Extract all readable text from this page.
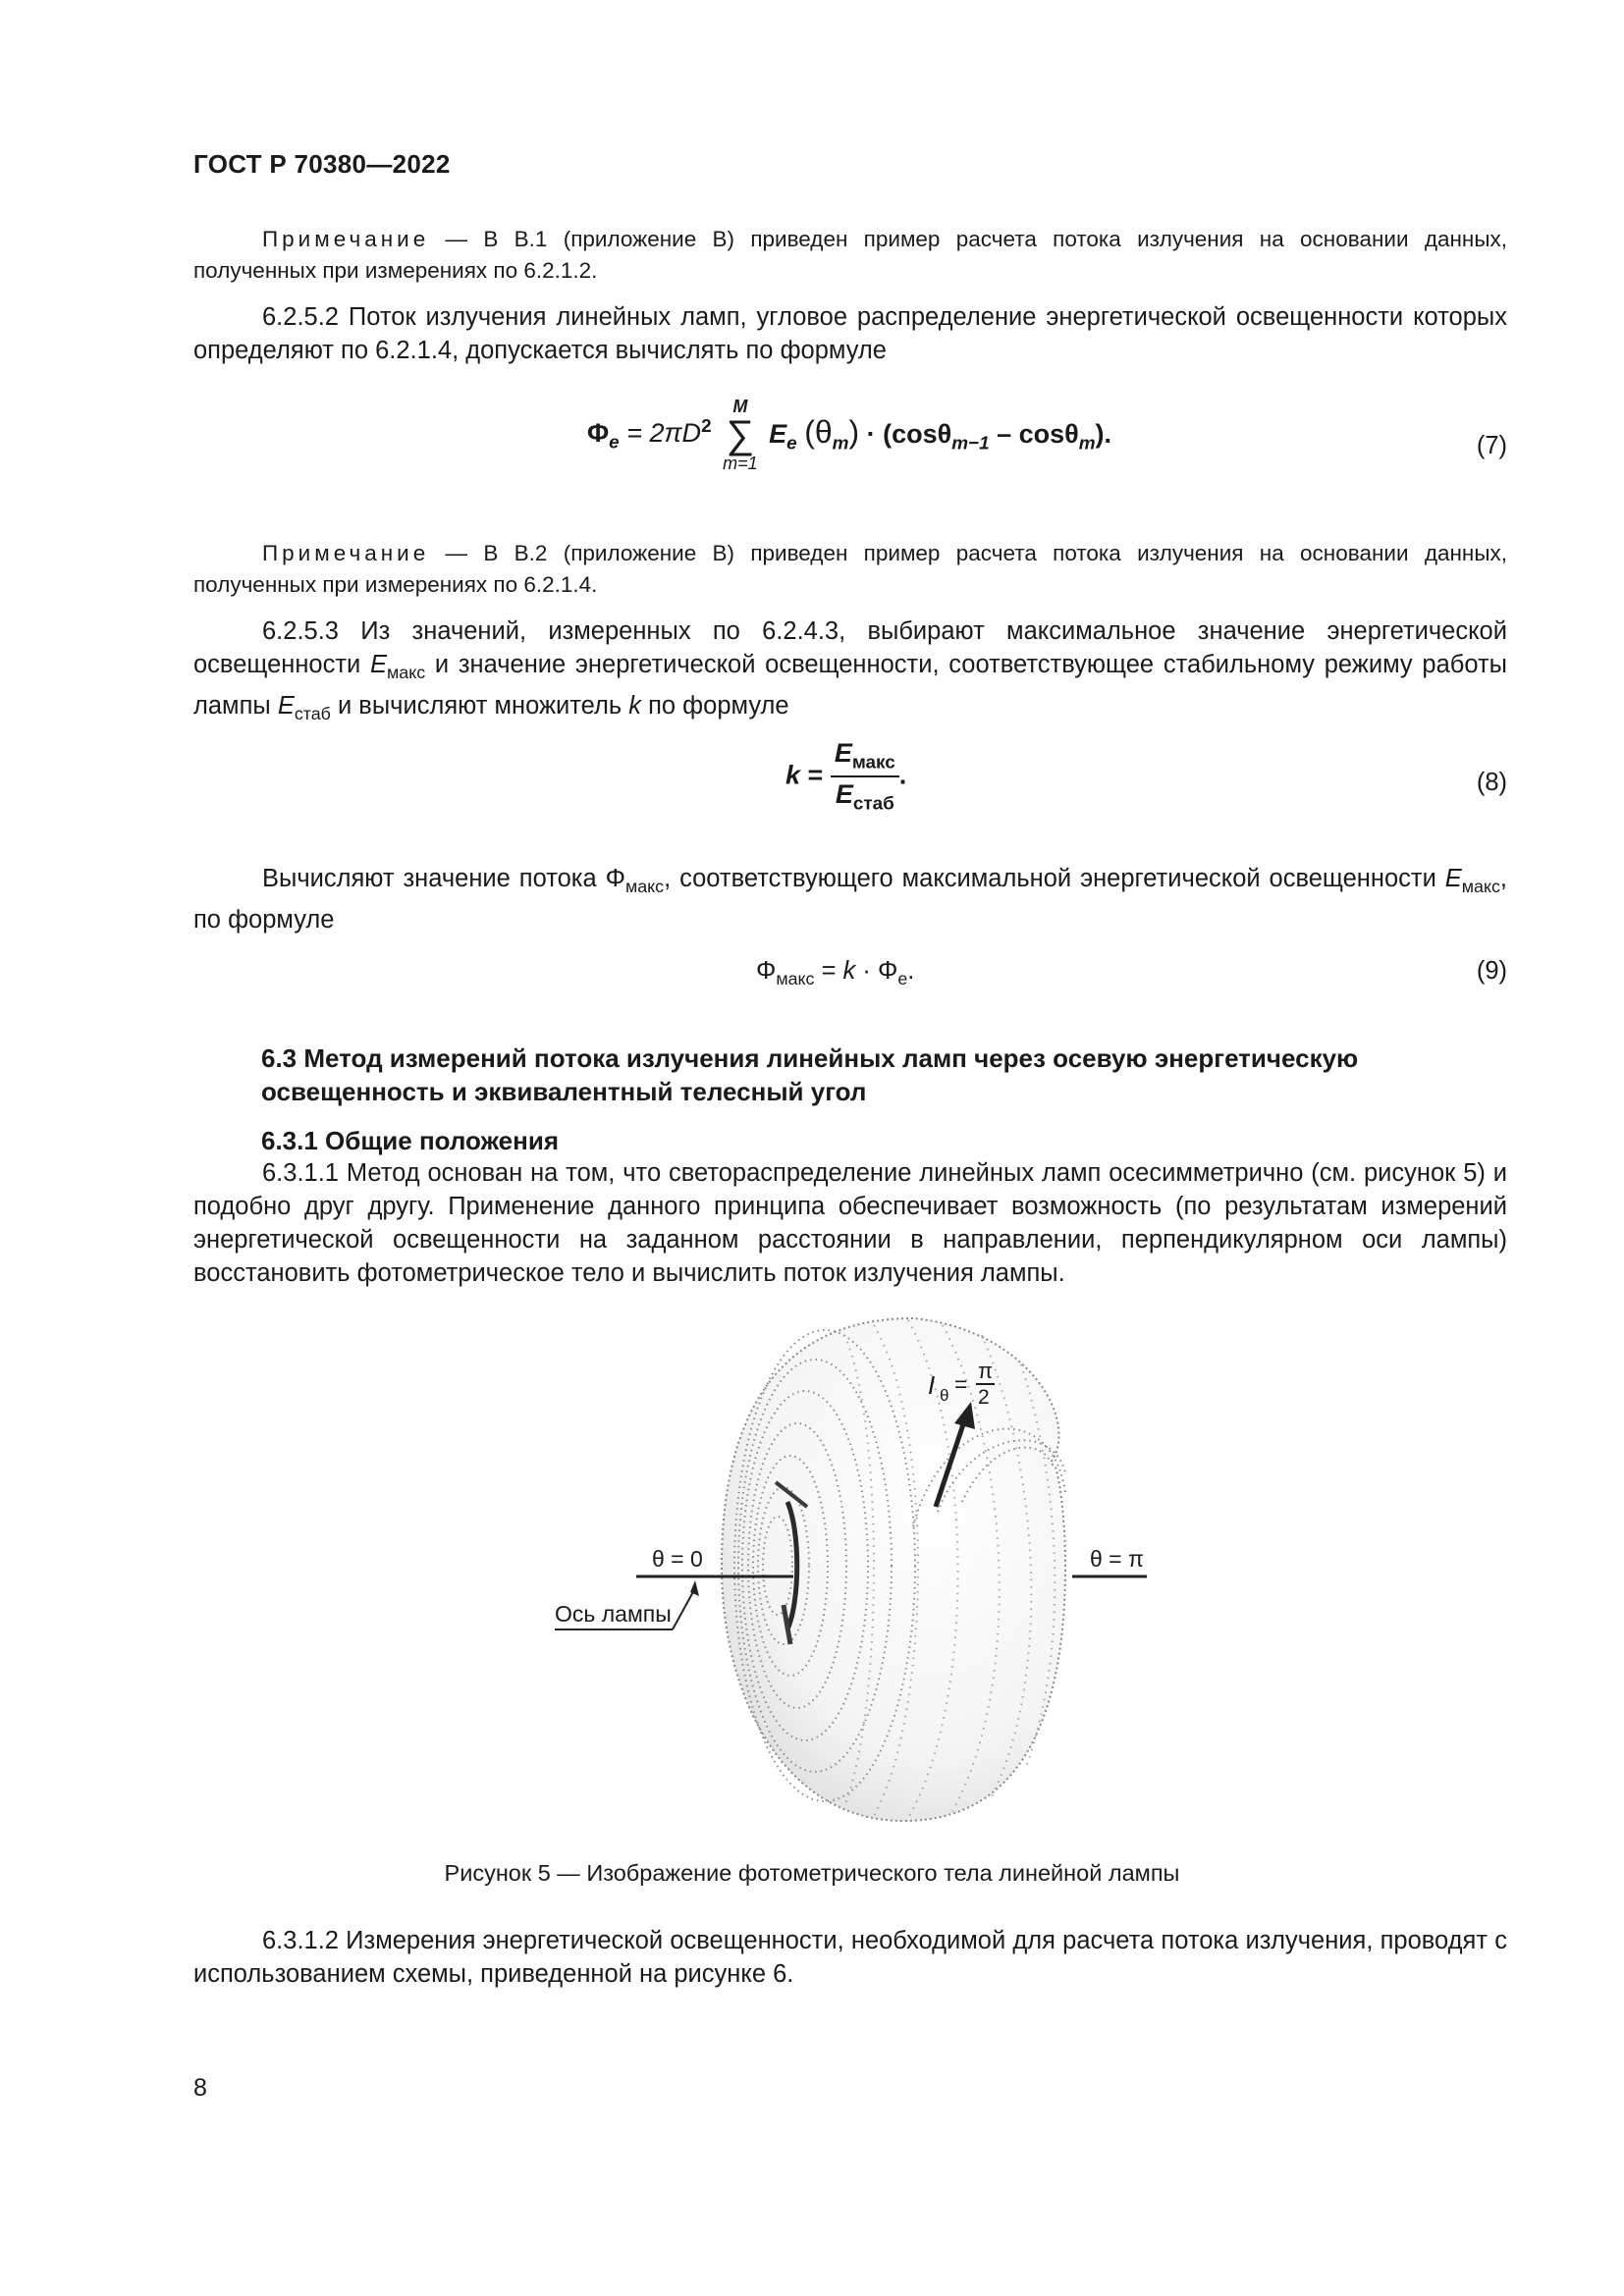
ГОСТ Р 70380—2022
Примечание — В В.1 (приложение В) приведен пример расчета потока излучения на основании данных, полученных при измерениях по 6.2.1.2.
6.2.5.2 Поток излучения линейных ламп, угловое распределение энергетической освещенности которых определяют по 6.2.1.4, допускается вычислять по формуле
$\Phi_e = 2\pi D^2$
M
∑
m=1
$E_e$ $(\theta_m) \cdot (\cos\theta_{m-1} - \cos\theta_m)$.	(7)
Примечание — В В.2 (приложение В) приведен пример расчета потока излучения на основании данных, полученных при измерениях по 6.2.1.4.
6.2.5.3 Из значений, измеренных по 6.2.4.3, выбирают максимальное значение энергетической освещенности $E_{макс}$ и значение энергетической освещенности, соответствующее стабильному режиму работы лампы $E_{стаб}$ и вычисляют множитель k по формуле
$k = \frac{E_{макс}}{E_{стаб}}$ .	(8)
Вычисляют значение потока $\Phi_{макс}$, соответствующего максимальной энергетической освещенности $E_{макс}$, по формуле
$\Phi_{макс} = k \cdot \Phi_e$.	(9)
6.3 Метод измерений потока излучения линейных ламп через осевую энергетическую освещенность и эквивалентный телесный угол
6.3.1 Общие положения
6.3.1.1 Метод основан на том, что светораспределение линейных ламп осесимметрично (см. рисунок 5) и подобно друг другу. Применение данного принципа обеспечивает возможность (по результатам измерений энергетической освещенности на заданном расстоянии в направлении, перпендикулярном оси лампы) восстановить фотометрическое тело и вычислить поток излучения лампы.
θ = 0	θ = π
Ось лампы
I θ =
π
2
Рисунок 5 — Изображение фотометрического тела линейной лампы
6.3.1.2 Измерения энергетической освещенности, необходимой для расчета потока излучения, проводят с использованием схемы, приведенной на рисунке 6.
8
